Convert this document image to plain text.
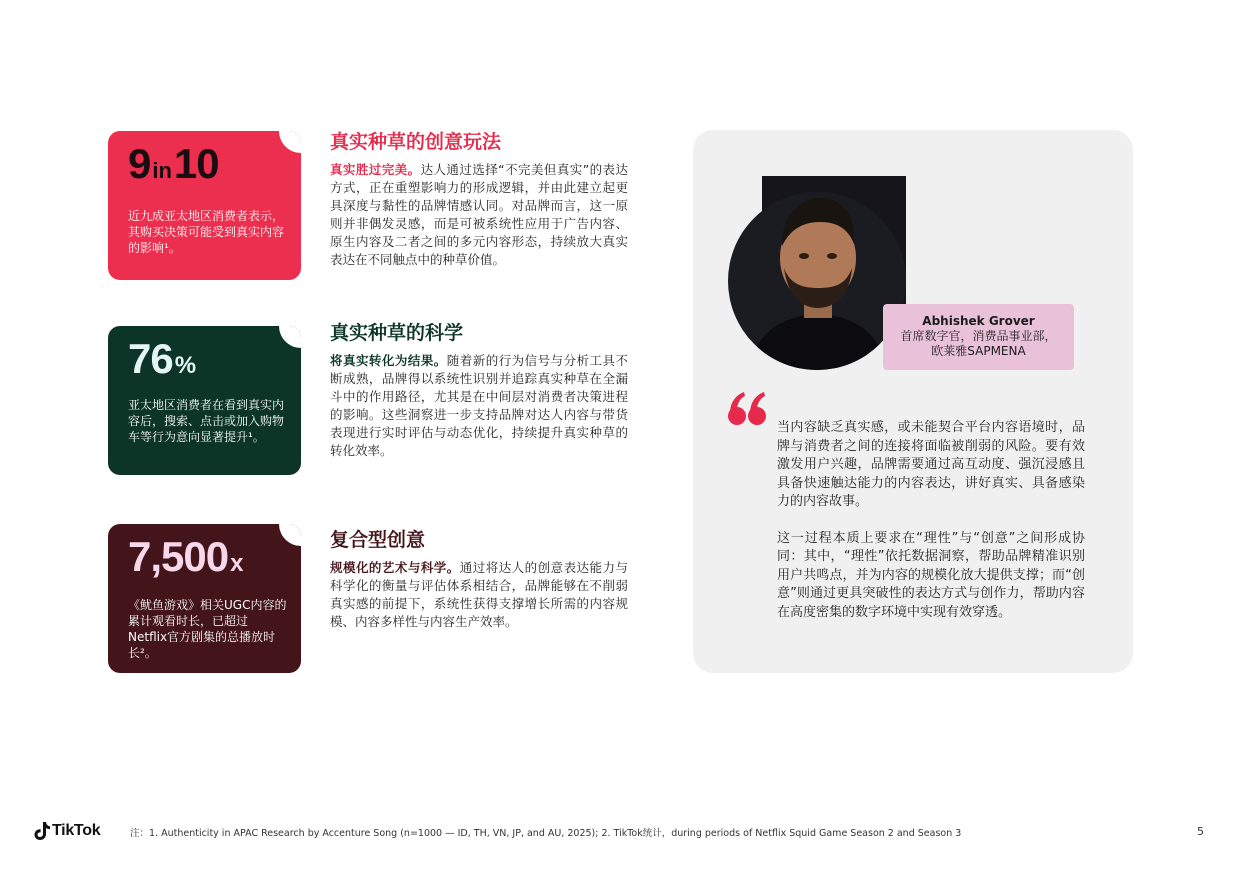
9in10
近九成亚太地区消费者表示，其购买决策可能受到真实内容的影响¹。
76%
亚太地区消费者在看到真实内容后，搜索、点击或加入购物车等行为意向显著提升¹。
7,500x
《鱿鱼游戏》相关UGC内容的累计观看时长，已超过Netflix官方剧集的总播放时长²。
真实种草的创意玩法
真实胜过完美。达人通过选择“不完美但真实”的表达方式，正在重塑影响力的形成逻辑，并由此建立起更具深度与黏性的品牌情感认同。对品牌而言，这一原则并非偶发灵感，而是可被系统性应用于广告内容、原生内容及二者之间的多元内容形态，持续放大真实表达在不同触点中的种草价值。
真实种草的科学
将真实转化为结果。随着新的行为信号与分析工具不断成熟，品牌得以系统性识别并追踪真实种草在全漏斗中的作用路径，尤其是在中间层对消费者决策进程的影响。这些洞察进一步支持品牌对达人内容与带货表现进行实时评估与动态优化，持续提升真实种草的转化效率。
复合型创意
规模化的艺术与科学。通过将达人的创意表达能力与科学化的衡量与评估体系相结合，品牌能够在不削弱真实感的前提下，系统性获得支撑增长所需的内容规模、内容多样性与内容生产效率。
Abhishek Grover
首席数字官，消费品事业部，
欧莱雅SAPMENA

当内容缺乏真实感，或未能契合平台内容语境时，品牌与消费者之间的连接将面临被削弱的风险。要有效激发用户兴趣，品牌需要通过高互动度、强沉浸感且具备快速触达能力的内容表达，讲好真实、具备感染力的内容故事。

这一过程本质上要求在“理性”与“创意”之间形成协同：其中，“理性”依托数据洞察，帮助品牌精准识别用户共鸣点，并为内容的规模化放大提供支撑；而“创意”则通过更具突破性的表达方式与创作力，帮助内容在高度密集的数字环境中实现有效穿透。

TikTok	注：1. Authenticity in APAC Research by Accenture Song (n=1000 — ID, TH, VN, JP, and AU, 2025); 2. TikTok统计，during periods of Netflix Squid Game Season 2 and Season 3	5
